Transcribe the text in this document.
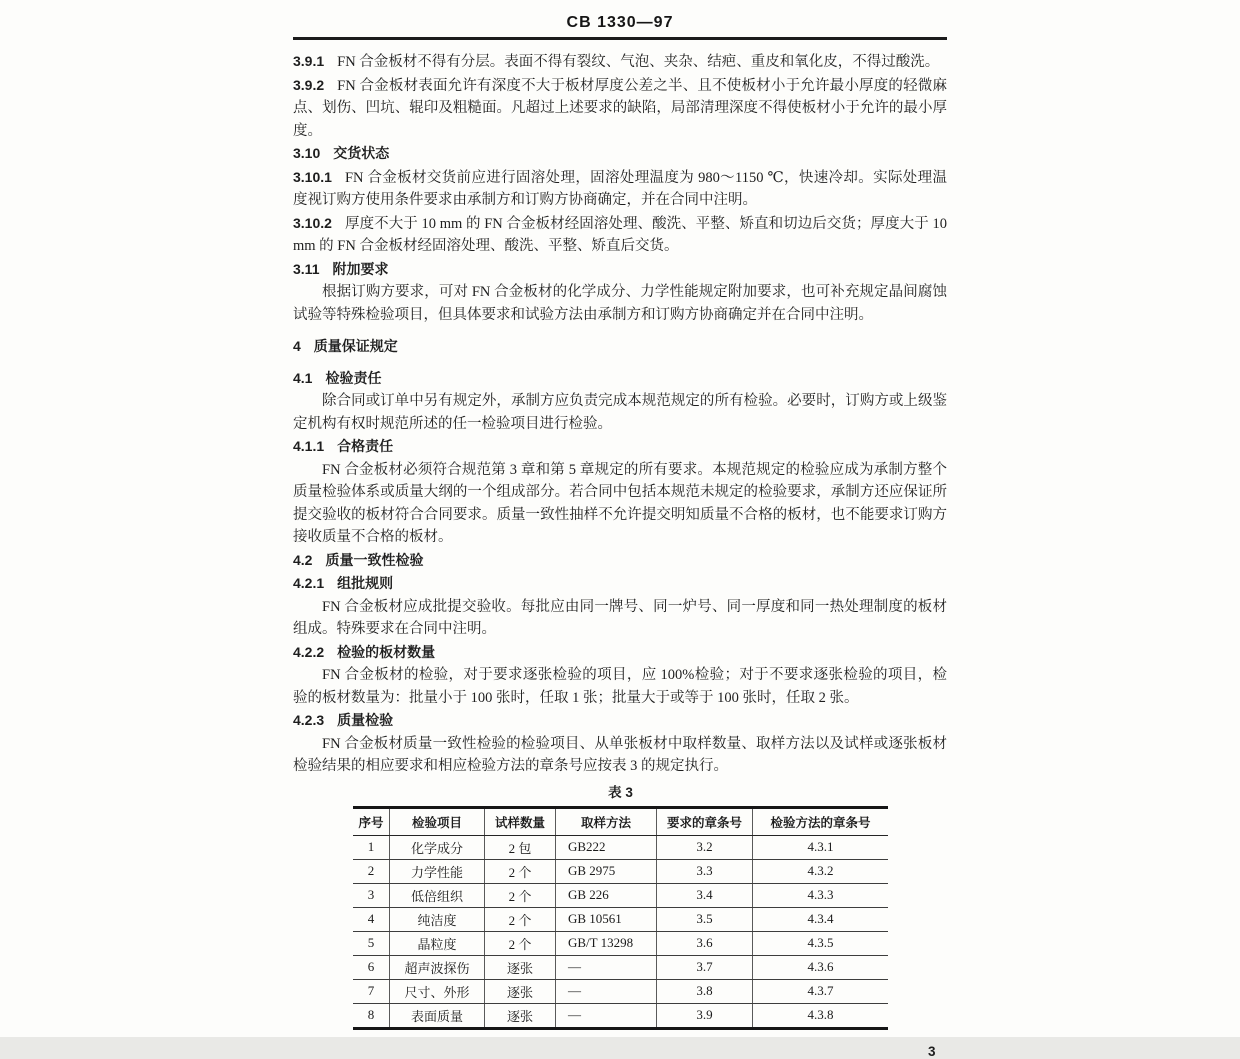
CB 1330—97

3.9.1 FN 合金板材不得有分层。表面不得有裂纹、气泡、夹杂、结疤、重皮和氧化皮，不得过酸洗。

3.9.2 FN 合金板材表面允许有深度不大于板材厚度公差之半、且不使板材小于允许最小厚度的轻微麻点、划伤、凹坑、辊印及粗糙面。凡超过上述要求的缺陷，局部清理深度不得使板材小于允许的最小厚度。

3.10 交货状态

3.10.1 FN 合金板材交货前应进行固溶处理，固溶处理温度为 980～1150 ℃，快速冷却。实际处理温度视订购方使用条件要求由承制方和订购方协商确定，并在合同中注明。

3.10.2 厚度不大于 10 mm 的 FN 合金板材经固溶处理、酸洗、平整、矫直和切边后交货；厚度大于 10 mm 的 FN 合金板材经固溶处理、酸洗、平整、矫直后交货。

3.11 附加要求

根据订购方要求，可对 FN 合金板材的化学成分、力学性能规定附加要求，也可补充规定晶间腐蚀试验等特殊检验项目，但具体要求和试验方法由承制方和订购方协商确定并在合同中注明。

4 质量保证规定

4.1 检验责任

除合同或订单中另有规定外，承制方应负责完成本规范规定的所有检验。必要时，订购方或上级鉴定机构有权时规范所述的任一检验项目进行检验。

4.1.1 合格责任

FN 合金板材必须符合规范第 3 章和第 5 章规定的所有要求。本规范规定的检验应成为承制方整个质量检验体系或质量大纲的一个组成部分。若合同中包括本规范未规定的检验要求，承制方还应保证所提交验收的板材符合合同要求。质量一致性抽样不允许提交明知质量不合格的板材，也不能要求订购方接收质量不合格的板材。

4.2 质量一致性检验

4.2.1 组批规则

FN 合金板材应成批提交验收。每批应由同一牌号、同一炉号、同一厚度和同一热处理制度的板材组成。特殊要求在合同中注明。

4.2.2 检验的板材数量

FN 合金板材的检验，对于要求逐张检验的项目，应 100%检验；对于不要求逐张检验的项目，检验的板材数量为：批量小于 100 张时，任取 1 张；批量大于或等于 100 张时，任取 2 张。

4.2.3 质量检验

FN 合金板材质量一致性检验的检验项目、从单张板材中取样数量、取样方法以及试样或逐张板材检验结果的相应要求和相应检验方法的章条号应按表 3 的规定执行。

表 3
序号	检验项目	试样数量	取样方法	要求的章条号	检验方法的章条号
1	化学成分	2 包	GB222	3.2	4.3.1
2	力学性能	2 个	GB 2975	3.3	4.3.2
3	低倍组织	2 个	GB 226	3.4	4.3.3
4	纯洁度	2 个	GB 10561	3.5	4.3.4
5	晶粒度	2 个	GB/T 13298	3.6	4.3.5
6	超声波探伤	逐张	—	3.7	4.3.6
7	尺寸、外形	逐张	—	3.8	4.3.7
8	表面质量	逐张	—	3.9	4.3.8
3
